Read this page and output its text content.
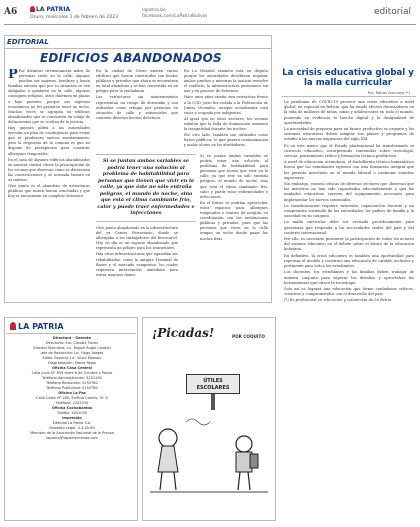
A6	LA PATRIA
Oruro, miércoles 1 de febrero de 2023
lapatria.bo
facebook.com/LaPatriaBolivia	editorial
EDITORIAL
EDIFICIOS ABANDONADOS

P Por distintas circunstancias miles de personas viven en la calle, algunos pueden ser mujeres, hombres y hasta familias enteras que por su situación se ven obligadas a quedarse en la calle, algunos consiguen refugios, otros duermen en plazas o bajo puentes, porque sus ingresos económicos no les permiten tener un techo. Muchas veces se agrupan en edificios abandonados que se convierten en cobijo de delincuentes que se ocultan de la justicia.

Hay quienes piden a las autoridades ejecutar un plan de contingencia para evitar que se produzcan nuevos asentamientos, pero la respuesta de la comuna es que no dispone de presupuesto para construir albergues temporales.

En el caso de algunos edificios abandonados en nuestra ciudad, existe la preocupación de los vecinos que observan cómo se deterioran las construcciones y se acumula basura en su interior.

Otro punto es el abandono de estructuras públicas que nunca fueron concluidas y que hoy se encuentran en completo deterioro.

En la ciudad de Oruro existen varios edificios que fueron construidos con fondos públicos y privados que ahora se encuentran en total abandono y se han convertido en un peligro para la ciudadanía.

Las estructuras sin mantenimiento representan un riesgo de derrumbe y son utilizadas como refugio por personas en situación de calle y antisociales que cometen diversos hechos delictivos.

En La Metalsil también está en disputa porque las autoridades decidieron requisar ambos predios y mientras la justicia resuelve el conflicto, la infraestructura permanece sin uso y en proceso de deterioro.

Hace unos años existía otra estructura frente a la COD, pero fue cedida a la Federación de Juntas Vecinales, aunque actualmente está vacía y ocupada por indigentes.

Al igual que en otros sectores, los vecinos señalan que la falta de iluminación aumenta la inseguridad durante las noches.

Por otro lado, también son utilizados como baños públicos, lo que genera contaminación y malos olores en los alrededores.

Si se juntan ambas variables se podría tener una solución al problema de habitabilidad para personas que tienen que vivir en la calle, ya que éste no sólo entraña peligros, el mundo de noche, sino que está el clima cambiante frío, calor y puede traer enfermedades e infecciones

Otro punto abandonado es la infraestructura del ex Centro Ferroviario, donde se albergaba a los trabajadores del ferrocarril. Hoy en día es un espacio abandonado que representa un peligro para los transeúntes.

Hay otras infraestructuras que aguardan ser rehabilitadas, como la antigua Terminal de Buses y el mercado campesino, los cuales requieren intervención inmediata para evitar mayores daños.

Si se juntan ambas variables se podría tener una solución al problema de habitabilidad para personas que tienen que vivir en la calle, ya que éste no sólo entraña peligros, el mundo de noche, sino que está el clima cambiante frío, calor y puede traer enfermedades e infecciones.

En el futuro se podrían aprovechar estos espacios para albergues temporales o centros de acogida, en coordinación con las instituciones públicas y privadas, para que las personas que viven en la calle tengan un techo donde pasar las noches frías.

La crisis educativa global y la malla curricular
Por: Rafael Aramayo (*)

La pandemia de COVID-19 provocó una crisis educativa a nivel global, en especial en Bolivia, que ha tenido efectos devastadores en la vida de millones de niños, niñas y adolescentes en todo el mundo, poniendo en evidencia la brecha digital y la desigualdad de oportunidades.

La necesidad de preparar para un futuro productivo es urgente y los sistemas educativos deben adaptar sus planes y programas de estudio a las nuevas exigencias del siglo XXI.

Es en este marco que el Estado plurinacional ha transformado su currículo educativo, incorporando contenidos sobre tecnología, ciencia, pensamiento crítico y formación técnica productiva.

A nivel de educación secundaria, el bachillerato técnico humanístico busca que los estudiantes egresen con una formación integral que les permita insertarse en el mundo laboral o continuar estudios superiores.

Sin embargo, existen críticas de diversos sectores que observan que los maestros no han sido capacitados adecuadamente y que las unidades educativas carecen del equipamiento necesario para implementar los nuevos contenidos.

La transformación requiere inversión, capacitación docente y un compromiso sostenido de las autoridades, los padres de familia y la sociedad en su conjunto.

La malla curricular debe ser revisada periódicamente para garantizar que responda a las necesidades reales del país y del contexto internacional.

Por ello, es necesario promover la participación de todos los actores del sistema educativo en el debate sobre el futuro de la educación boliviana.

En definitiva, la crisis educativa es también una oportunidad para repensar el modelo y construir una educación de calidad, inclusiva y pertinente para todos los estudiantes.

Los docentes, los estudiantes y las familias deben trabajar de manera conjunta para superar los desafíos y aprovechar las herramientas que ofrece la tecnología.

Solo así se logrará una educación que forme ciudadanos críticos, creativos y comprometidos con el desarrollo del país.

(*) Es profesional en educación y columnista de La Patria.

LA PATRIA
Directora - Gerente
Directorio: Sra. Claudia Flores
Director Ejecutivo: Lic. Miguel Ángel Condori
Jefe de Redacción: Lic. Hugo Vargas
Editor General: Lic. Silvia Mamani
Diagramación: Marco Rojas
Oficina Casa Central
Calle Junín N° 655 entre 6 de Octubre y Potosí
Teléfono Administración: 5251160
Teléfono Redacción: 5250780
Teléfono Publicidad: 5250780
Oficina La Paz
Calle Colón N° 200, Edificio Camilo, Of. 8
Teléfono: 2202030
Oficina Cochabamba
Telefax: 4502030
Impresión
Editorial La Patria S.A.
Depósito Legal: 4-3-45-89
Miembro de la Asociación Nacional de la Prensa
lapatria@lapatriaenlinea.com
¡Picadas!	POR COQUITO
ÚTILES ESCOLARES
